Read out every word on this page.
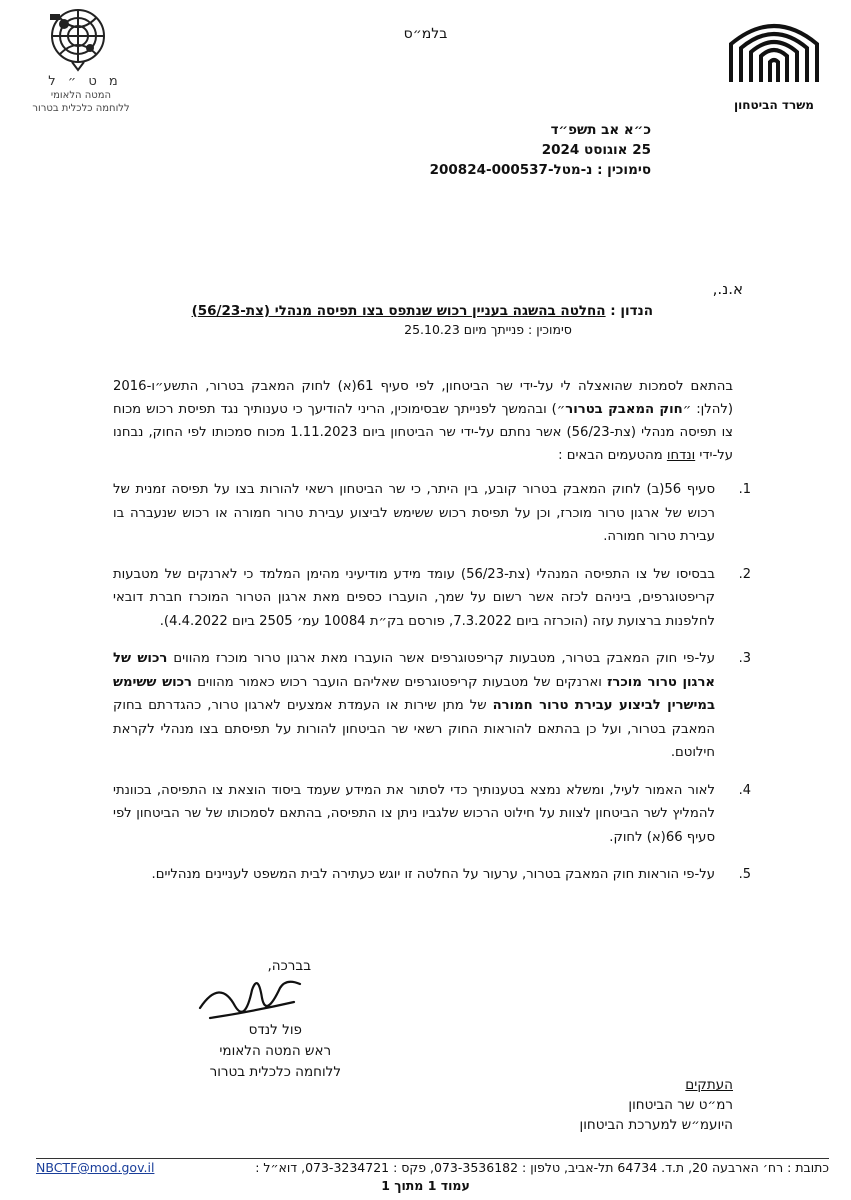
בלמ״ס
משרד הביטחון
מ ט ״ ל
המטה הלאומי
ללוחמה כלכלית בטרור
כ״א אב תשפ״ד
25 אוגוסט 2024
סימוכין : נ-מטל-200824-000537
א.נ.,
הנדון : החלטה בהשגה בעניין רכוש שנתפס בצו תפיסה מנהלי (צת-56/23)
סימוכין : פנייתך מיום 25.10.23

בהתאם לסמכות שהואצלה לי על-ידי שר הביטחון, לפי סעיף 61(א) לחוק המאבק בטרור, התשע״ו-2016 (להלן: ״חוק המאבק בטרור״) ובהמשך לפנייתך שבסימוכין, הריני להודיעך כי טענותיך נגד תפיסת רכוש מכוח צו תפיסה מנהלי (צת-56/23) אשר נחתם על-ידי שר הביטחון ביום 1.11.2023 מכוח סמכותו לפי החוק, נבחנו על-ידי ונדחו מהטעמים הבאים :

1.
סעיף 56(ב) לחוק המאבק בטרור קובע, בין היתר, כי שר הביטחון רשאי להורות בצו על תפיסה זמנית של רכוש של ארגון טרור מוכרז, וכן על תפיסת רכוש ששימש לביצוע עבירת טרור חמורה או רכוש שנעברה בו עבירת טרור חמורה.
2.
בבסיסו של צו התפיסה המנהלי (צת-56/23) עומד מידע מודיעיני מהימן המלמד כי לארנקים של מטבעות קריפטוגרפים, ביניהם לכזה אשר רשום על שמך, הועברו כספים מאת ארגון הטרור המוכרז חברת דובאי לחלפנות ברצועת עזה (הוכרזה ביום 7.3.2022, פורסם בק״ת 10084 עמ׳ 2505 ביום 4.4.2022).
3.
על-פי חוק המאבק בטרור, מטבעות קריפטוגרפים אשר הועברו מאת ארגון טרור מוכרז מהווים רכוש של ארגון טרור מוכרז וארנקים של מטבעות קריפטוגרפים שאליהם הועבר רכוש כאמור מהווים רכוש ששימש במישרין לביצוע עבירת טרור חמורה של מתן שירות או העמדת אמצעים לארגון טרור, כהגדרתם בחוק המאבק בטרור, ועל כן בהתאם להוראות החוק רשאי שר הביטחון להורות על תפיסתם בצו מנהלי לקראת חילוטם.
4.
לאור האמור לעיל, ומשלא נמצא בטענותיך כדי לסתור את המידע שעמד ביסוד הוצאת צו התפיסה, בכוונתי להמליץ לשר הביטחון לצוות על חילוט הרכוש שלגביו ניתן צו התפיסה, בהתאם לסמכותו של שר הביטחון לפי סעיף 66(א) לחוק.
5.
על-פי הוראות חוק המאבק בטרור, ערעור על החלטה זו יוגש כעתירה לבית המשפט לעניינים מנהליים.
בברכה,
פול לנדס
ראש המטה הלאומי
ללוחמה כלכלית בטרור
העתקים
רמ״ט שר הביטחון
היועמ״ש למערכת הביטחון
כתובת : רח׳ הארבעה 20, ת.ד. 64734 תל-אביב, טלפון : 073-3536182, פקס : 073-3234721, דוא״ל :
NBCTF@mod.gov.il
עמוד 1 מתוך 1
